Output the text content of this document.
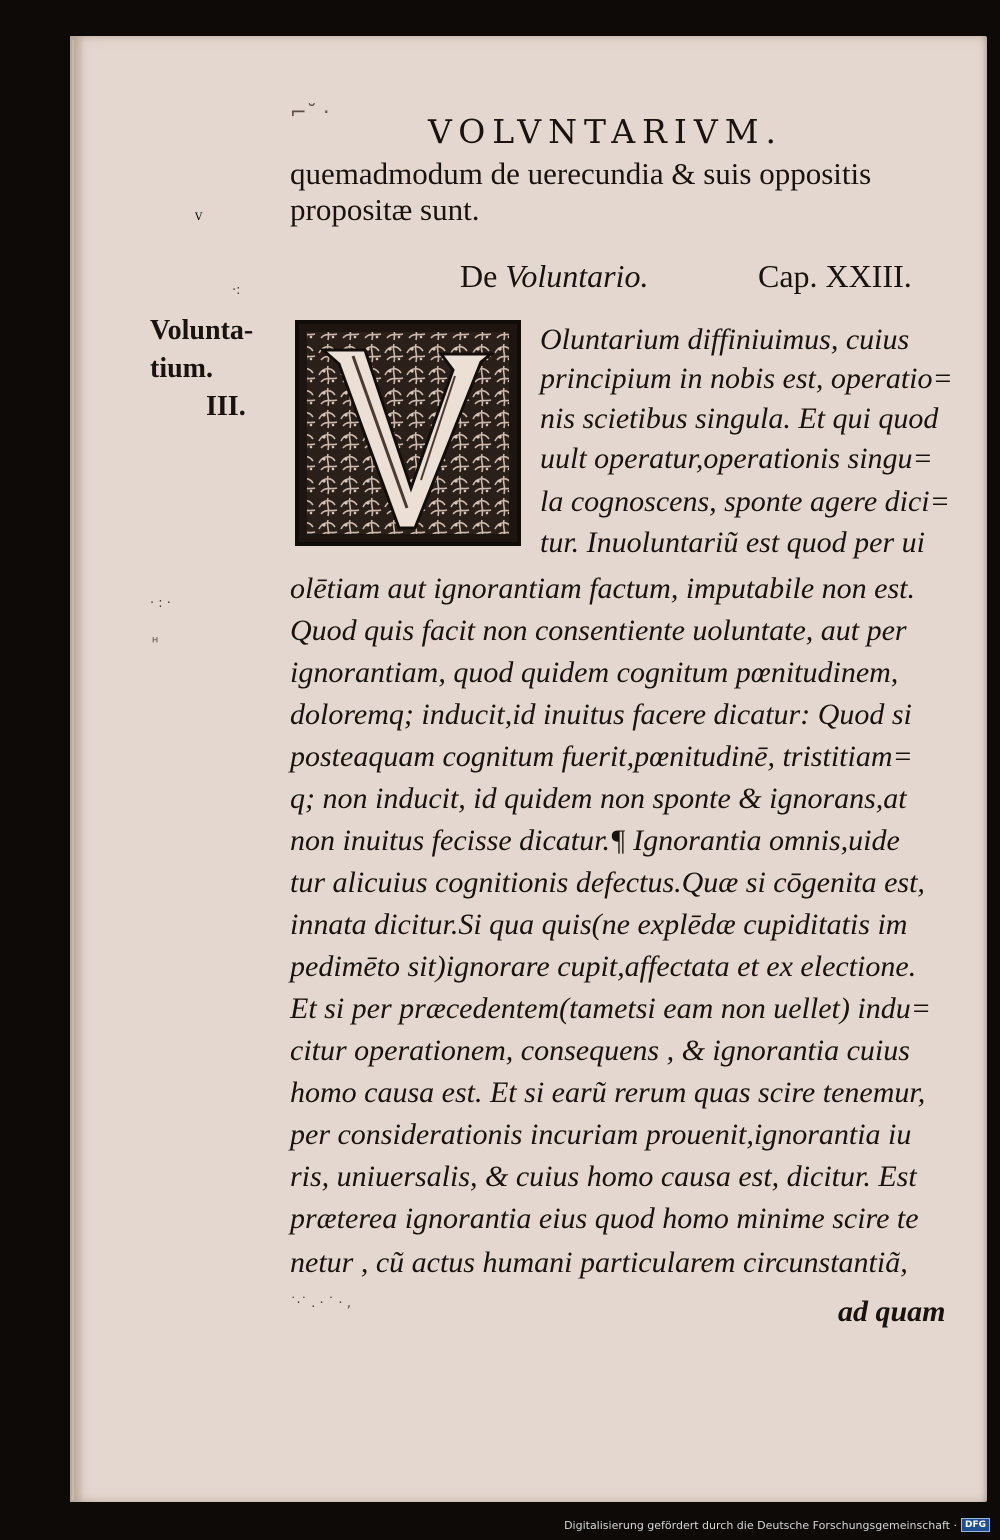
⌐˘ ·	VOLVNTARIVM.
quemadmodum de uerecundia & suis oppositis
propositæ sunt.
De Voluntario.	Cap. XXIII.
·:
Volunta-
tium.
III.
· : ·
ᴴ
V
Oluntarium diffiniuimus, cuius
principium in nobis est, operatio=
nis scietibus singula. Et qui quod
uult operatur,operationis singu=
la cognoscens, sponte agere dici=
tur. Inuoluntariũ est quod per ui
olētiam aut ignorantiam factum, imputabile non est.
Quod quis facit non consentiente uoluntate, aut per
ignorantiam, quod quidem cognitum pœnitudinem,
doloremq; inducit,id inuitus facere dicatur: Quod si
posteaquam cognitum fuerit,pœnitudinē, tristitiam=
q; non inducit, id quidem non sponte & ignorans,at
non inuitus fecisse dicatur.¶ Ignorantia omnis,uide
tur alicuius cognitionis defectus.Quæ si cōgenita est,
innata dicitur.Si qua quis(ne explēdæ cupiditatis im
pedimēto sit)ignorare cupit,affectata et ex electione.
Et si per præcedentem(tametsi eam non uellet) indu=
citur operationem, consequens , & ignorantia cuius
homo causa est. Et si earũ rerum quas scire tenemur,
per considerationis incuriam prouenit,ignorantia iu
ris, uniuersalis, & cuius homo causa est, dicitur. Est
præterea ignorantia eius quod homo minime scire te
netur , cũ actus humani particularem circunstantiã,
˙·˙ . · ˙ · ‚	ad quam
Digitalisierung gefördert durch die Deutsche Forschungsgemeinschaft · DFG
